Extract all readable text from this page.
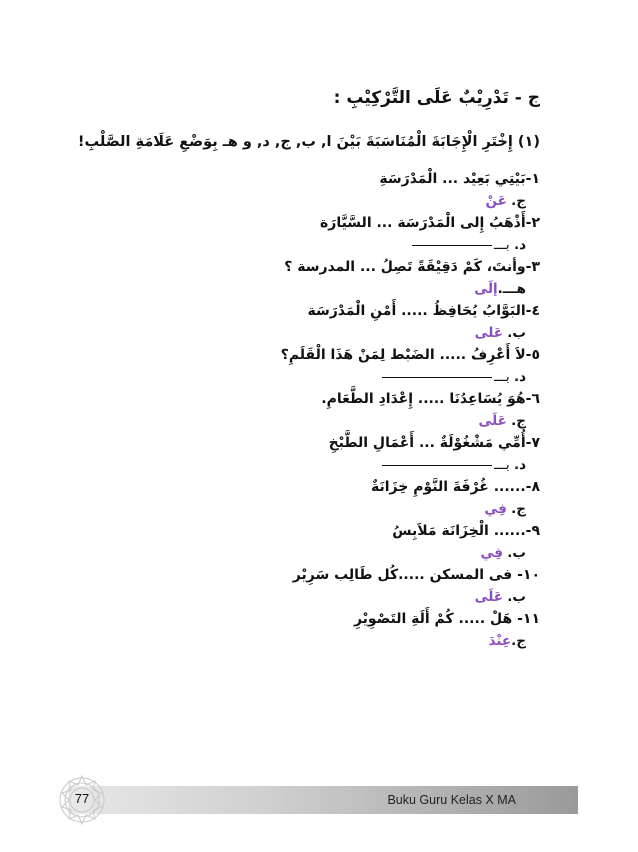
ج - تَدْرِيْبٌ عَلَى التَّرْكِيْبِ :
(١) إِخْتَرِ الْإِجَابَةَ الْمُنَاسَبَةَ بَيْنَ ا, ب, ج, د, و هـ بِوَضْعِ عَلَامَةِ الصَّلْبِ!
١-بَيْتِي بَعِيْد ... الْمَدْرَسَةِ
ج. عَنْ
٢-أَذْهَبُ إِلى الْمَدْرَسَة ... السَّيَّارَة
د. بـــ
٣-وأنتَ، كَمْ دَقِيْقَةً تَصِلُ ... المدرسة ؟
هـــ.إلَى
٤-البَوَّابُ يُحَافِظُ ..... أَمْنِ الْمَدْرَسَة
ب. عَلى
٥-لاَ أَعْرِفُ ..... الضَبْط لِمَنْ هَذَا الْقَلَمِ؟
د. بـــ
٦-هُوَ يُسَاعِدُنَا ..... إِعْدَادِ الطَّعَامِ.
ج. عَلَى
٧-أُمِّي مَشْغُوْلَةٌ ... أَعْمَالِ الطَّبْخِ
د. بـــ
٨-...... غُرْفَةَ النَّوْمِ خِزَانَةٌ
ج. فِي
٩-...... الْخِزَانَة مَلاَبِسُ
ب. فِي
١٠- فى المسكن .....كُل طَالِب سَرِيْر
ب. عَلَى
١١- هَلْ ..... كُمْ أَلَةِ التَصْوِيْرِ
ج.عِنْدَ
Buku Guru Kelas X MA
77
